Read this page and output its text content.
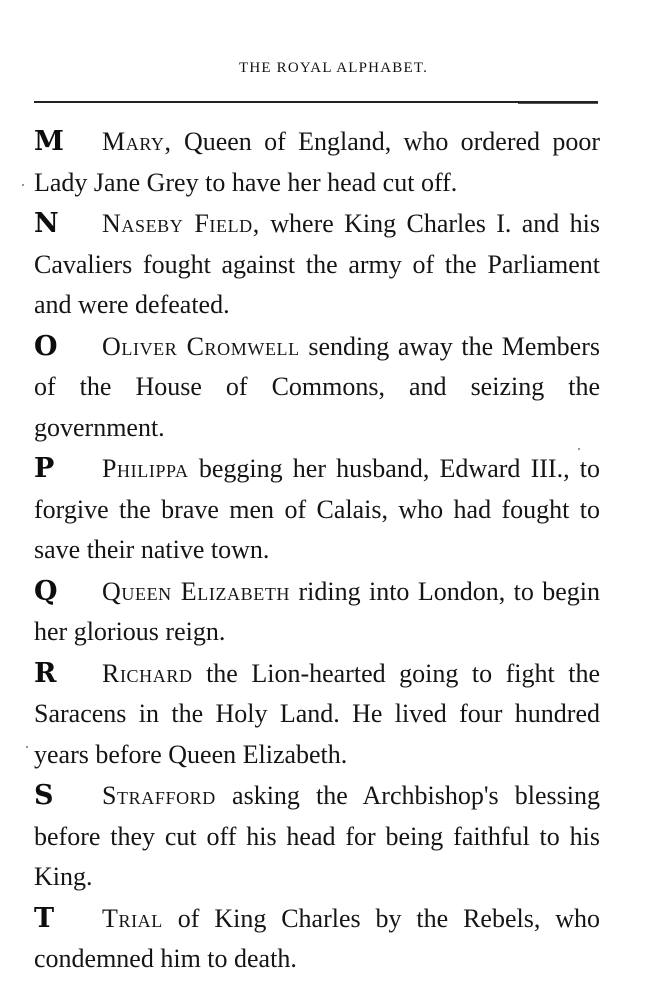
THE ROYAL ALPHABET.

M Mary, Queen of England, who ordered poor Lady Jane Grey to have her head cut off.

N Naseby Field, where King Charles I. and his Cavaliers fought against the army of the Parliament and were defeated.

O Oliver Cromwell sending away the Members of the House of Commons, and seizing the government.

P Philippa begging her husband, Edward III., to forgive the brave men of Calais, who had fought to save their native town.

Q Queen Elizabeth riding into London, to begin her glorious reign.

R Richard the Lion-hearted going to fight the Saracens in the Holy Land. He lived four hundred years before Queen Elizabeth.

S Strafford asking the Archbishop's blessing before they cut off his head for being faithful to his King.

T Trial of King Charles by the Rebels, who condemned him to death.
